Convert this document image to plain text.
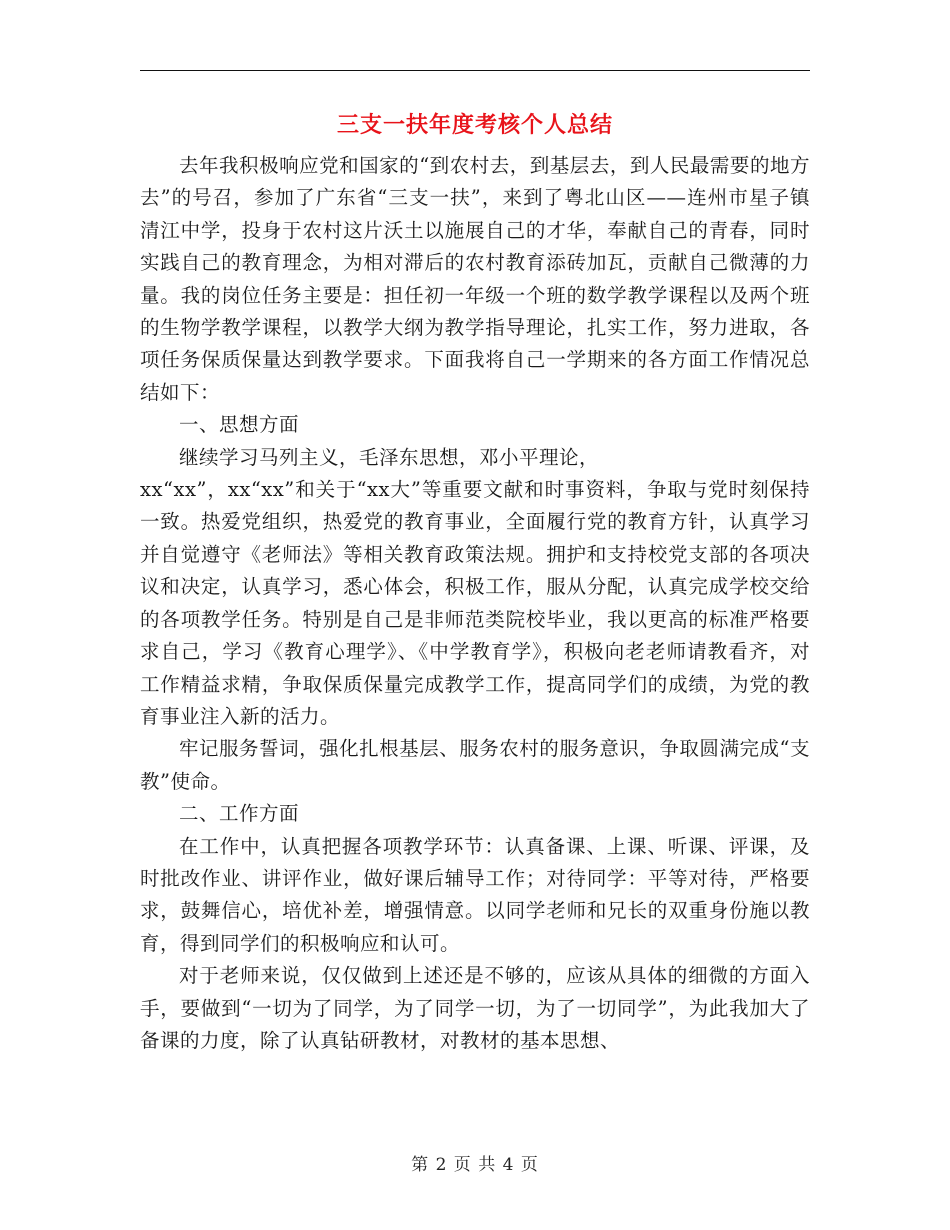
三支一扶年度考核个人总结

去年我积极响应党和国家的“到农村去，到基层去，到人民最需要的地方去”的号召，参加了广东省“三支一扶”，来到了粤北山区——连州市星子镇清江中学，投身于农村这片沃土以施展自己的才华，奉献自己的青春，同时实践自己的教育理念，为相对滞后的农村教育添砖加瓦，贡献自己微薄的力量。我的岗位任务主要是：担任初一年级一个班的数学教学课程以及两个班的生物学教学课程，以教学大纲为教学指导理论，扎实工作，努力进取，各项任务保质保量达到教学要求。下面我将自己一学期来的各方面工作情况总结如下：

一、思想方面

继续学习马列主义，毛泽东思想，邓小平理论，

xx“xx”，xx“xx”和关于“xx大”等重要文献和时事资料，争取与党时刻保持一致。热爱党组织，热爱党的教育事业，全面履行党的教育方针，认真学习并自觉遵守《老师法》等相关教育政策法规。拥护和支持校党支部的各项决议和决定，认真学习，悉心体会，积极工作，服从分配，认真完成学校交给的各项教学任务。特别是自己是非师范类院校毕业，我以更高的标准严格要求自己，学习《教育心理学》、《中学教育学》，积极向老老师请教看齐，对工作精益求精，争取保质保量完成教学工作，提高同学们的成绩，为党的教育事业注入新的活力。

牢记服务誓词，强化扎根基层、服务农村的服务意识，争取圆满完成“支教”使命。

二、工作方面

在工作中，认真把握各项教学环节：认真备课、上课、听课、评课，及时批改作业、讲评作业，做好课后辅导工作；对待同学：平等对待，严格要求，鼓舞信心，培优补差，增强情意。以同学老师和兄长的双重身份施以教育，得到同学们的积极响应和认可。

对于老师来说，仅仅做到上述还是不够的，应该从具体的细微的方面入手，要做到“一切为了同学，为了同学一切，为了一切同学”，为此我加大了备课的力度，除了认真钻研教材，对教材的基本思想、

第 2 页 共 4 页
